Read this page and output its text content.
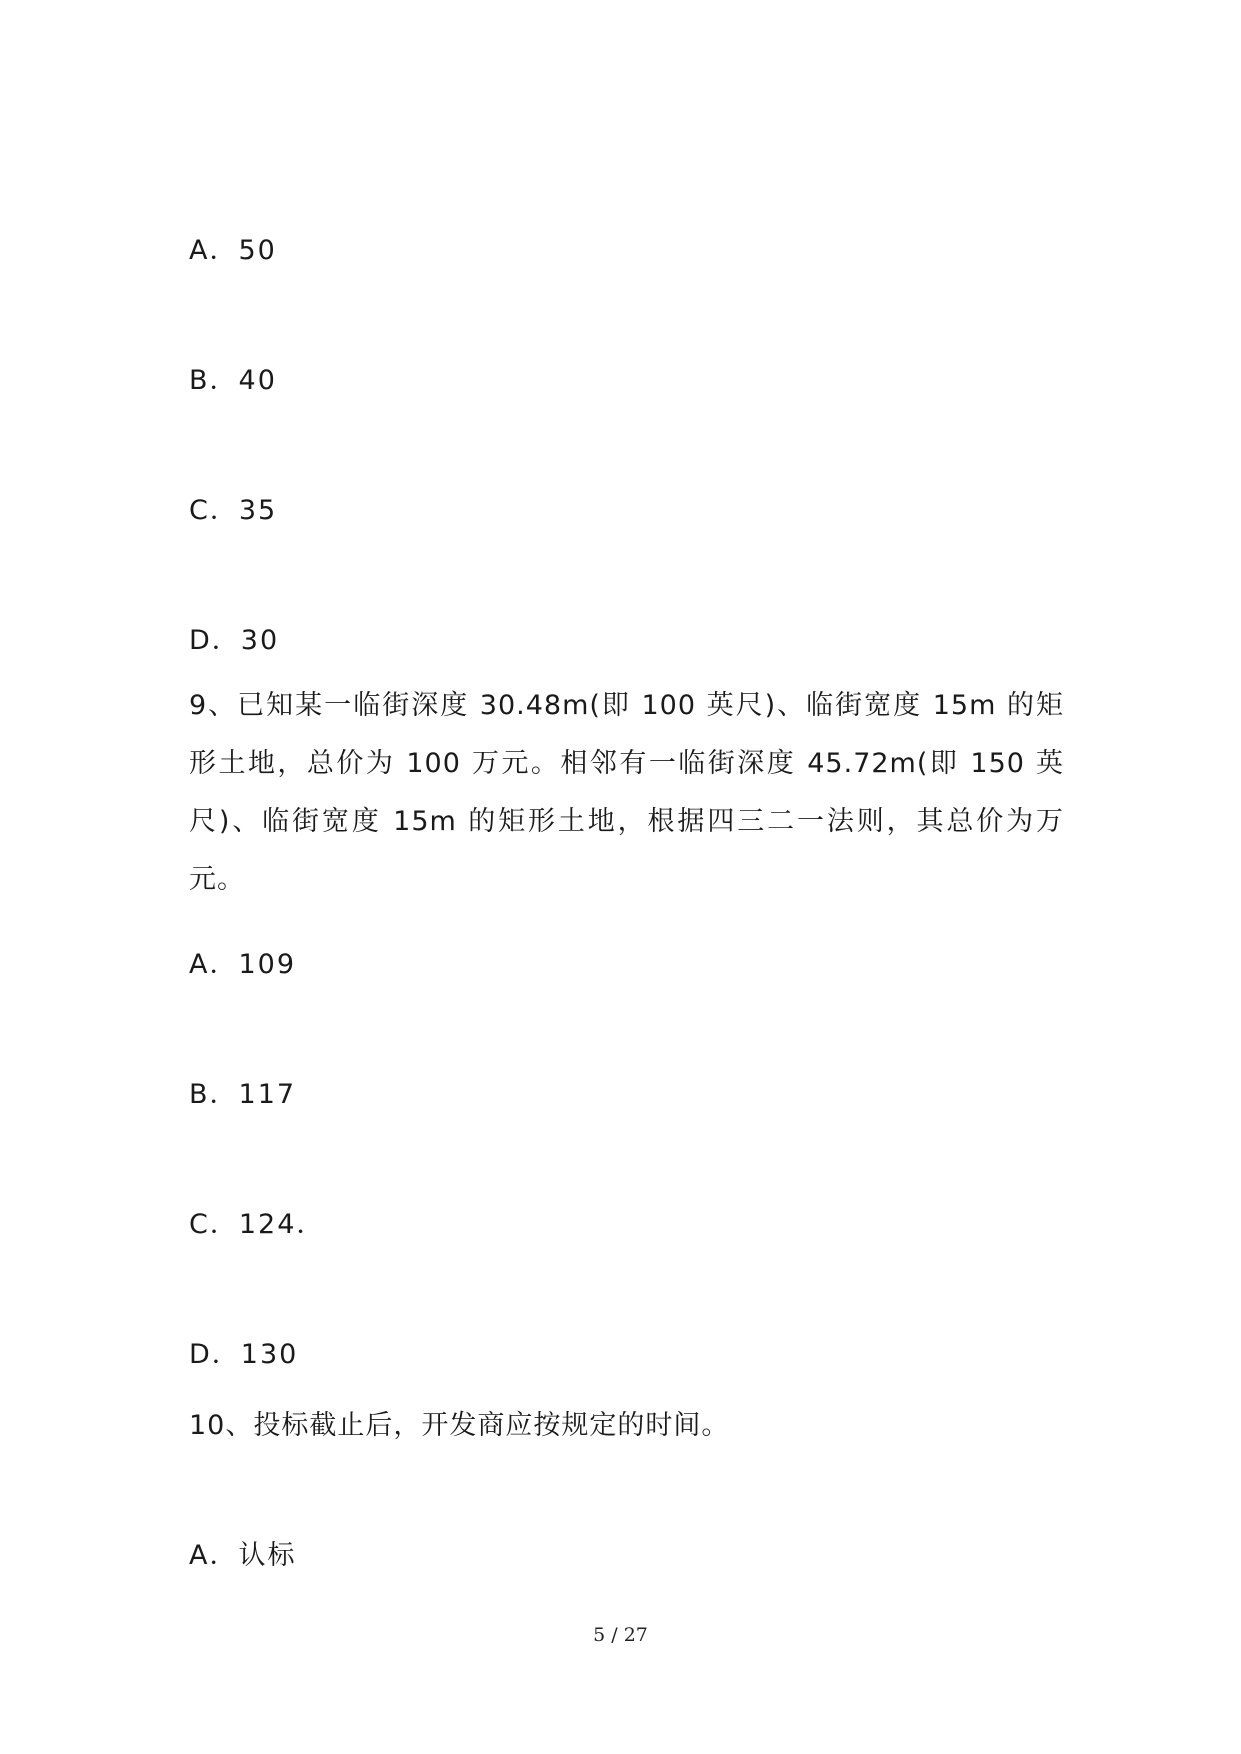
A．50
B．40
C．35
D．30
9、已知某一临街深度 30.48m(即 100 英尺)、临街宽度 15m 的矩形土地，总价为 100 万元。相邻有一临街深度 45.72m(即 150 英尺)、临街宽度 15m 的矩形土地，根据四三二一法则，其总价为万元。
A．109
B．117
C．124．
D．130
10、投标截止后，开发商应按规定的时间。
A．认标
5 / 27
